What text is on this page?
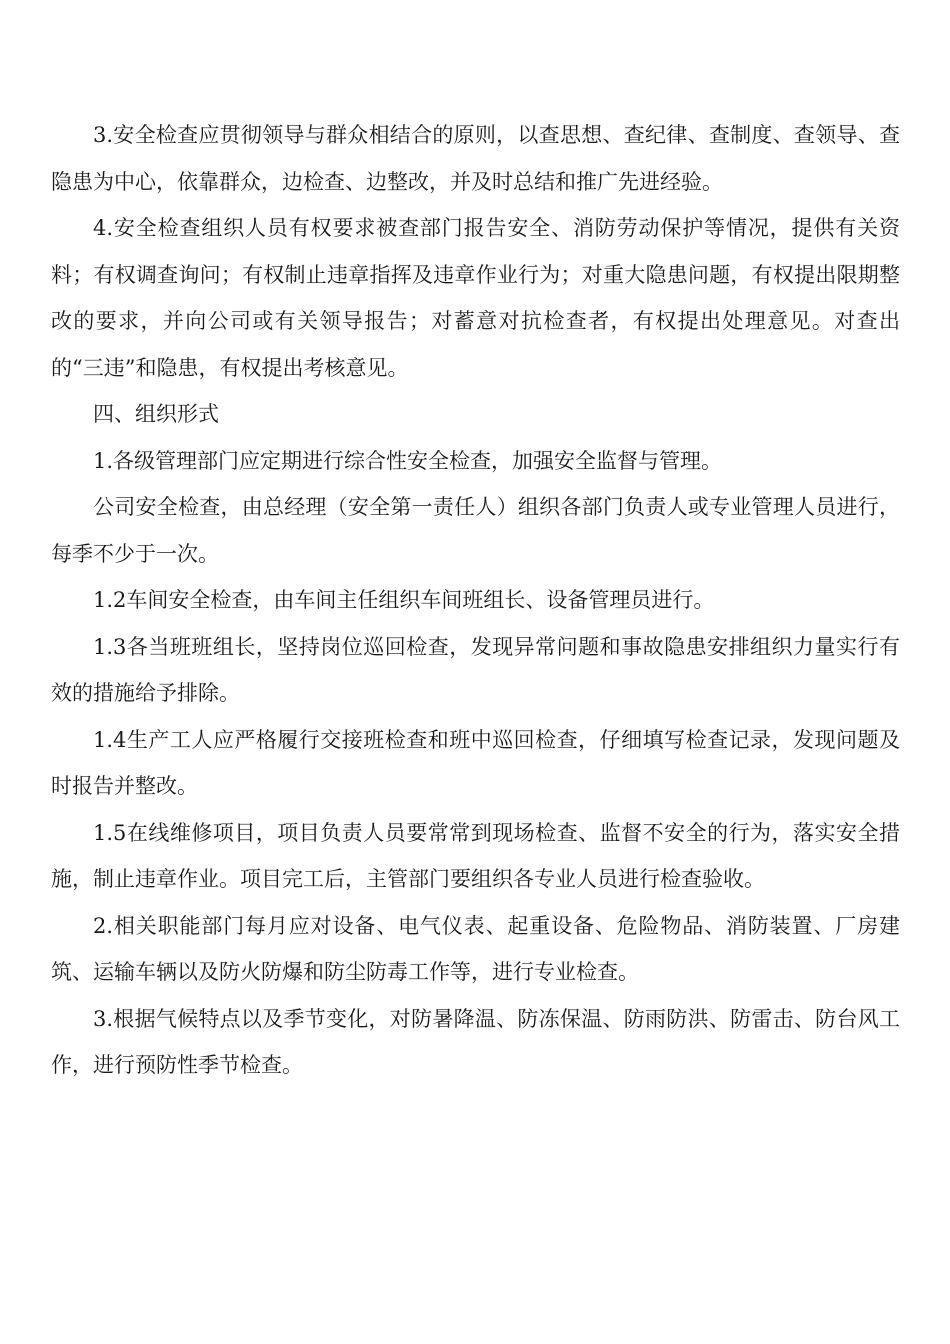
3.安全检查应贯彻领导与群众相结合的原则，以查思想、查纪律、查制度、查领导、查隐患为中心，依靠群众，边检查、边整改，并及时总结和推广先进经验。

4.安全检查组织人员有权要求被查部门报告安全、消防劳动保护等情况，提供有关资料；有权调查询问；有权制止违章指挥及违章作业行为；对重大隐患问题，有权提出限期整改的要求，并向公司或有关领导报告；对蓄意对抗检查者，有权提出处理意见。对查出的“三违”和隐患，有权提出考核意见。

四、组织形式

1.各级管理部门应定期进行综合性安全检查，加强安全监督与管理。

公司安全检查，由总经理（安全第一责任人）组织各部门负责人或专业管理人员进行，每季不少于一次。

1.2车间安全检查，由车间主任组织车间班组长、设备管理员进行。

1.3各当班班组长，坚持岗位巡回检查，发现异常问题和事故隐患安排组织力量实行有效的措施给予排除。

1.4生产工人应严格履行交接班检查和班中巡回检查，仔细填写检查记录，发现问题及时报告并整改。

1.5在线维修项目，项目负责人员要常常到现场检查、监督不安全的行为，落实安全措施，制止违章作业。项目完工后，主管部门要组织各专业人员进行检查验收。

2.相关职能部门每月应对设备、电气仪表、起重设备、危险物品、消防装置、厂房建筑、运输车辆以及防火防爆和防尘防毒工作等，进行专业检查。

3.根据气候特点以及季节变化，对防暑降温、防冻保温、防雨防洪、防雷击、防台风工作，进行预防性季节检查。
